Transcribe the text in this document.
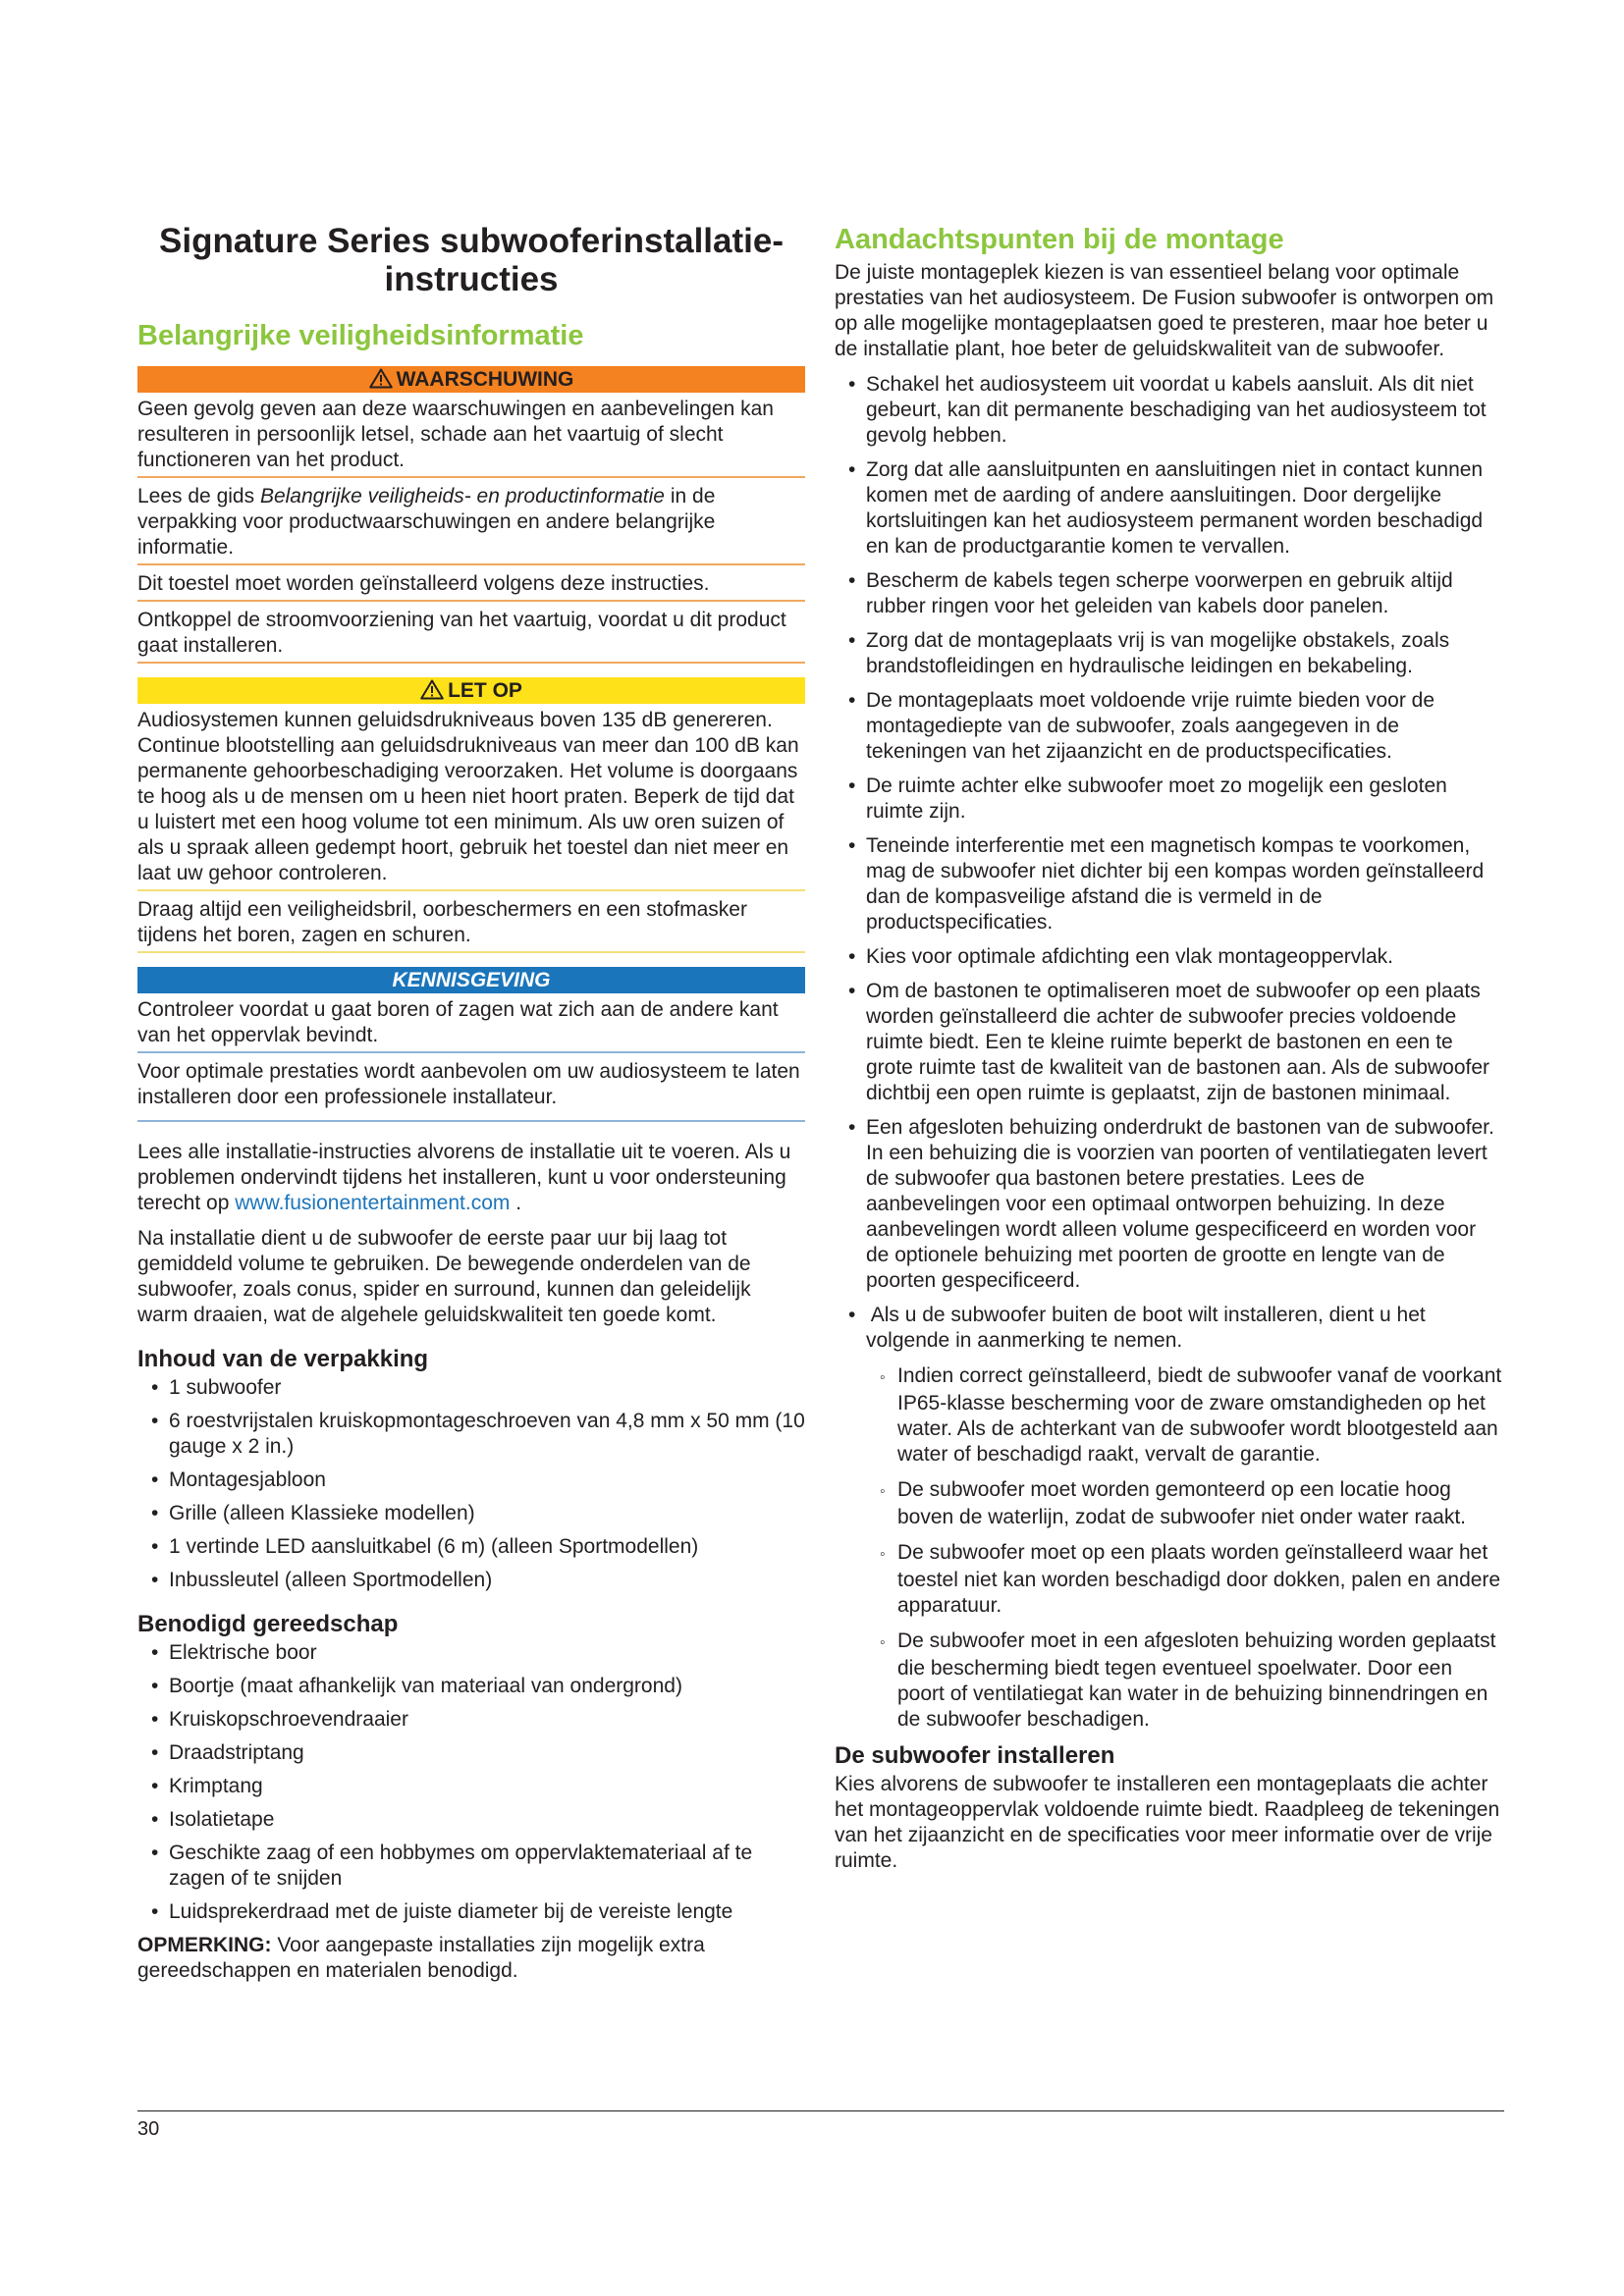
Signature Series subwooferinstallatie-instructies
Belangrijke veiligheidsinformatie
WAARSCHUWING

Geen gevolg geven aan deze waarschuwingen en aanbevelingen kan resulteren in persoonlijk letsel, schade aan het vaartuig of slecht functioneren van het product.

Lees de gids Belangrijke veiligheids- en productinformatie in de verpakking voor productwaarschuwingen en andere belangrijke informatie.

Dit toestel moet worden geïnstalleerd volgens deze instructies.

Ontkoppel de stroomvoorziening van het vaartuig, voordat u dit product gaat installeren.

LET OP

Audiosystemen kunnen geluidsdrukniveaus boven 135 dB genereren. Continue blootstelling aan geluidsdrukniveaus van meer dan 100 dB kan permanente gehoorbeschadiging veroorzaken. Het volume is doorgaans te hoog als u de mensen om u heen niet hoort praten. Beperk de tijd dat u luistert met een hoog volume tot een minimum. Als uw oren suizen of als u spraak alleen gedempt hoort, gebruik het toestel dan niet meer en laat uw gehoor controleren.

Draag altijd een veiligheidsbril, oorbeschermers en een stofmasker tijdens het boren, zagen en schuren.

KENNISGEVING

Controleer voordat u gaat boren of zagen wat zich aan de andere kant van het oppervlak bevindt.

Voor optimale prestaties wordt aanbevolen om uw audiosysteem te laten installeren door een professionele installateur.

Lees alle installatie-instructies alvorens de installatie uit te voeren. Als u problemen ondervindt tijdens het installeren, kunt u voor ondersteuning terecht op www.fusionentertainment.com .

Na installatie dient u de subwoofer de eerste paar uur bij laag tot gemiddeld volume te gebruiken. De bewegende onderdelen van de subwoofer, zoals conus, spider en surround, kunnen dan geleidelijk warm draaien, wat de algehele geluidskwaliteit ten goede komt.

Inhoud van de verpakking
• 1 subwoofer
• 6 roestvrijstalen kruiskopmontageschroeven van 4,8 mm x 50 mm (10 gauge x 2 in.)
• Montagesjabloon
• Grille (alleen Klassieke modellen)
• 1 vertinde LED aansluitkabel (6 m) (alleen Sportmodellen)
• Inbussleutel (alleen Sportmodellen)
Benodigd gereedschap
• Elektrische boor
• Boortje (maat afhankelijk van materiaal van ondergrond)
• Kruiskopschroevendraaier
• Draadstriptang
• Krimptang
• Isolatietape
• Geschikte zaag of een hobbymes om oppervlaktemateriaal af te zagen of te snijden
• Luidsprekerdraad met de juiste diameter bij de vereiste lengte

OPMERKING: Voor aangepaste installaties zijn mogelijk extra gereedschappen en materialen benodigd.

Aandachtspunten bij de montage

De juiste montageplek kiezen is van essentieel belang voor optimale prestaties van het audiosysteem. De Fusion subwoofer is ontworpen om op alle mogelijke montageplaatsen goed te presteren, maar hoe beter u de installatie plant, hoe beter de geluidskwaliteit van de subwoofer.

• Schakel het audiosysteem uit voordat u kabels aansluit. Als dit niet gebeurt, kan dit permanente beschadiging van het audiosysteem tot gevolg hebben.
• Zorg dat alle aansluitpunten en aansluitingen niet in contact kunnen komen met de aarding of andere aansluitingen. Door dergelijke kortsluitingen kan het audiosysteem permanent worden beschadigd en kan de productgarantie komen te vervallen.
• Bescherm de kabels tegen scherpe voorwerpen en gebruik altijd rubber ringen voor het geleiden van kabels door panelen.
• Zorg dat de montageplaats vrij is van mogelijke obstakels, zoals brandstofleidingen en hydraulische leidingen en bekabeling.
• De montageplaats moet voldoende vrije ruimte bieden voor de montagediepte van de subwoofer, zoals aangegeven in de tekeningen van het zijaanzicht en de productspecificaties.
• De ruimte achter elke subwoofer moet zo mogelijk een gesloten ruimte zijn.
• Teneinde interferentie met een magnetisch kompas te voorkomen, mag de subwoofer niet dichter bij een kompas worden geïnstalleerd dan de kompasveilige afstand die is vermeld in de productspecificaties.
• Kies voor optimale afdichting een vlak montageoppervlak.
• Om de bastonen te optimaliseren moet de subwoofer op een plaats worden geïnstalleerd die achter de subwoofer precies voldoende ruimte biedt. Een te kleine ruimte beperkt de bastonen en een te grote ruimte tast de kwaliteit van de bastonen aan. Als de subwoofer dichtbij een open ruimte is geplaatst, zijn de bastonen minimaal.
• Een afgesloten behuizing onderdrukt de bastonen van de subwoofer. In een behuizing die is voorzien van poorten of ventilatiegaten levert de subwoofer qua bastonen betere prestaties. Lees de aanbevelingen voor een optimaal ontworpen behuizing. In deze aanbevelingen wordt alleen volume gespecificeerd en worden voor de optionele behuizing met poorten de grootte en lengte van de poorten gespecificeerd.
• Als u de subwoofer buiten de boot wilt installeren, dient u het volgende in aanmerking te nemen.
◦ Indien correct geïnstalleerd, biedt de subwoofer vanaf de voorkant IP65-klasse bescherming voor de zware omstandigheden op het water. Als de achterkant van de subwoofer wordt blootgesteld aan water of beschadigd raakt, vervalt de garantie.
◦ De subwoofer moet worden gemonteerd op een locatie hoog boven de waterlijn, zodat de subwoofer niet onder water raakt.
◦ De subwoofer moet op een plaats worden geïnstalleerd waar het toestel niet kan worden beschadigd door dokken, palen en andere apparatuur.
◦ De subwoofer moet in een afgesloten behuizing worden geplaatst die bescherming biedt tegen eventueel spoelwater. Door een poort of ventilatiegat kan water in de behuizing binnendringen en de subwoofer beschadigen.
De subwoofer installeren

Kies alvorens de subwoofer te installeren een montageplaats die achter het montageoppervlak voldoende ruimte biedt. Raadpleeg de tekeningen van het zijaanzicht en de specificaties voor meer informatie over de vrije ruimte.

30
